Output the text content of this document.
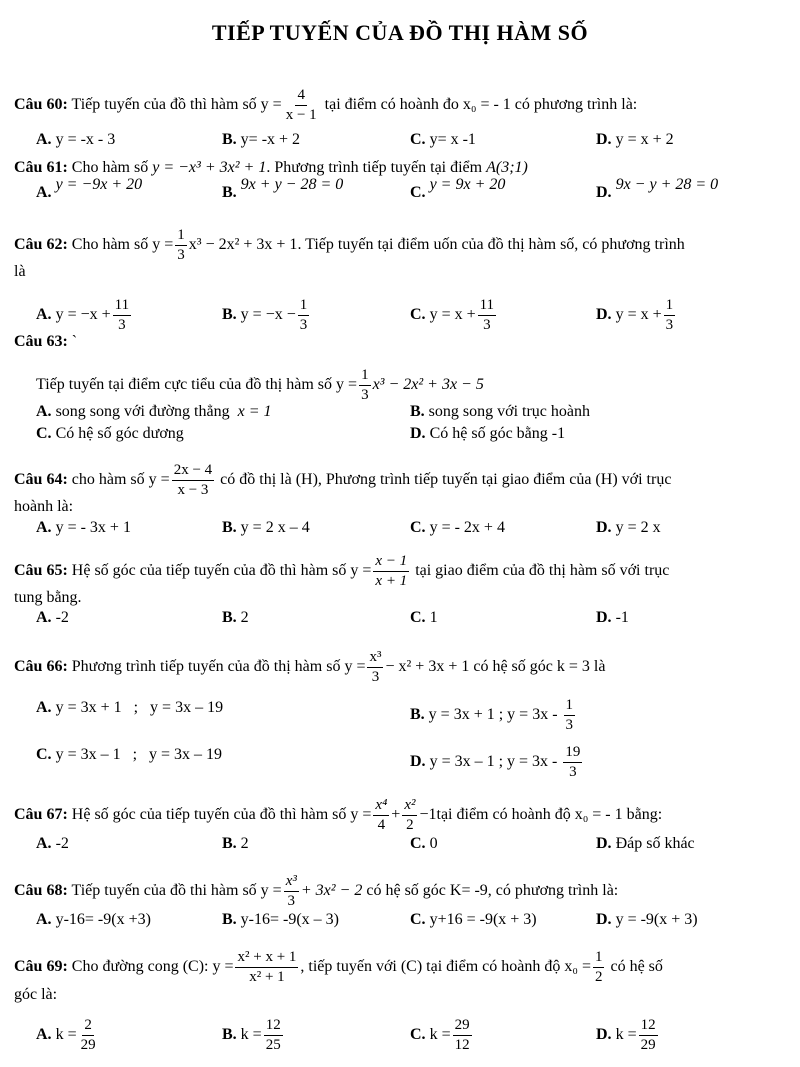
TIẾP TUYẾN CỦA ĐỒ THỊ HÀM SỐ
Câu 60: Tiếp tuyến của đồ thì hàm số $y = \frac{4}{x - 1}$ tại điểm có hoành đo x₀ = - 1 có phương trình là:
A. y = -x - 3	B. y= -x + 2	C. y= x -1	D. y = x + 2
Câu 61: Cho hàm số y = −x³ + 3x² + 1. Phương trình tiếp tuyến tại điểm A(3;1)
A. y = −9x + 20	B. 9x + y − 28 = 0	C. y = 9x + 20	D. 9x − y + 28 = 0
Câu 62: Cho hàm số $y = \frac{1}{3} x^3 - 2x^2 + 3x + 1$. Tiếp tuyến tại điểm uốn của đồ thị hàm số, có phương trình
là
A. $y = -x + \frac{11}{3}$	B. $y = -x - \frac{1}{3}$	C. $y = x + \frac{11}{3}$	D. $y = x + \frac{1}{3}$
Câu 63: `
Tiếp tuyến tại điểm cực tiểu của đồ thị hàm số $y = \frac{1}{3} x^3 - 2x^2 + 3x - 5$
A. song song với đường thẳng x = 1	B. song song với trục hoành
C. Có hệ số góc dương	D. Có hệ số góc bằng -1
Câu 64: cho hàm số $y = \frac{2x - 4}{x - 3}$ có đồ thị là (H), Phương trình tiếp tuyến tại giao điểm của (H) với trục
hoành là:
A. y = - 3x + 1	B. y = 2 x – 4	C. y = - 2x + 4	D. y = 2 x
Câu 65: Hệ số góc của tiếp tuyến của đồ thì hàm số $y = \frac{x - 1}{x + 1}$ tại giao điểm của đồ thị hàm số với trục
tung bằng.
A. -2	B. 2	C. 1	D. -1
Câu 66: Phương trình tiếp tuyến của đồ thị hàm số $y = \frac{\text{x³}}{3} - x^2 + 3x + 1$ có hệ số góc k = 3 là
A. y = 3x + 1   ;   y = 3x – 19	B. y = 3x + 1 ; $y = 3x - \frac{1}{3}$
C. y = 3x – 1   ;   y = 3x – 19	D. y = 3x – 1 ; $y = 3x - \frac{19}{3}$
Câu 67: Hệ số góc của tiếp tuyến của đồ thì hàm số $y = \frac{\text{x⁴}}{4} + \frac{\text{x²}}{2}$ −1tại điểm có hoành độ x₀ = - 1 bằng:
A. -2	B. 2	C. 0	D. Đáp số khác
Câu 68: Tiếp tuyến của đồ thi hàm số $y = \frac{\text{x³}}{3} + 3x^2 - 2$ có hệ số góc K= -9, có phương trình là:
A. y-16= -9(x +3)	B. y-16= -9(x – 3)	C. y+16 = -9(x + 3)	D. y = -9(x + 3)
Câu 69: Cho đường cong (C): $y = \frac{\text{x² + x + 1}}{\text{x² + 1}}$ , tiếp tuyến với (C) tại điểm có hoành độ $x_0 = \frac{1}{2}$ có hệ số
góc là:
A. $k = \frac{2}{29}$	B. $k = \frac{12}{25}$	C. $k = \frac{29}{12}$	D. $k = \frac{12}{29}$
